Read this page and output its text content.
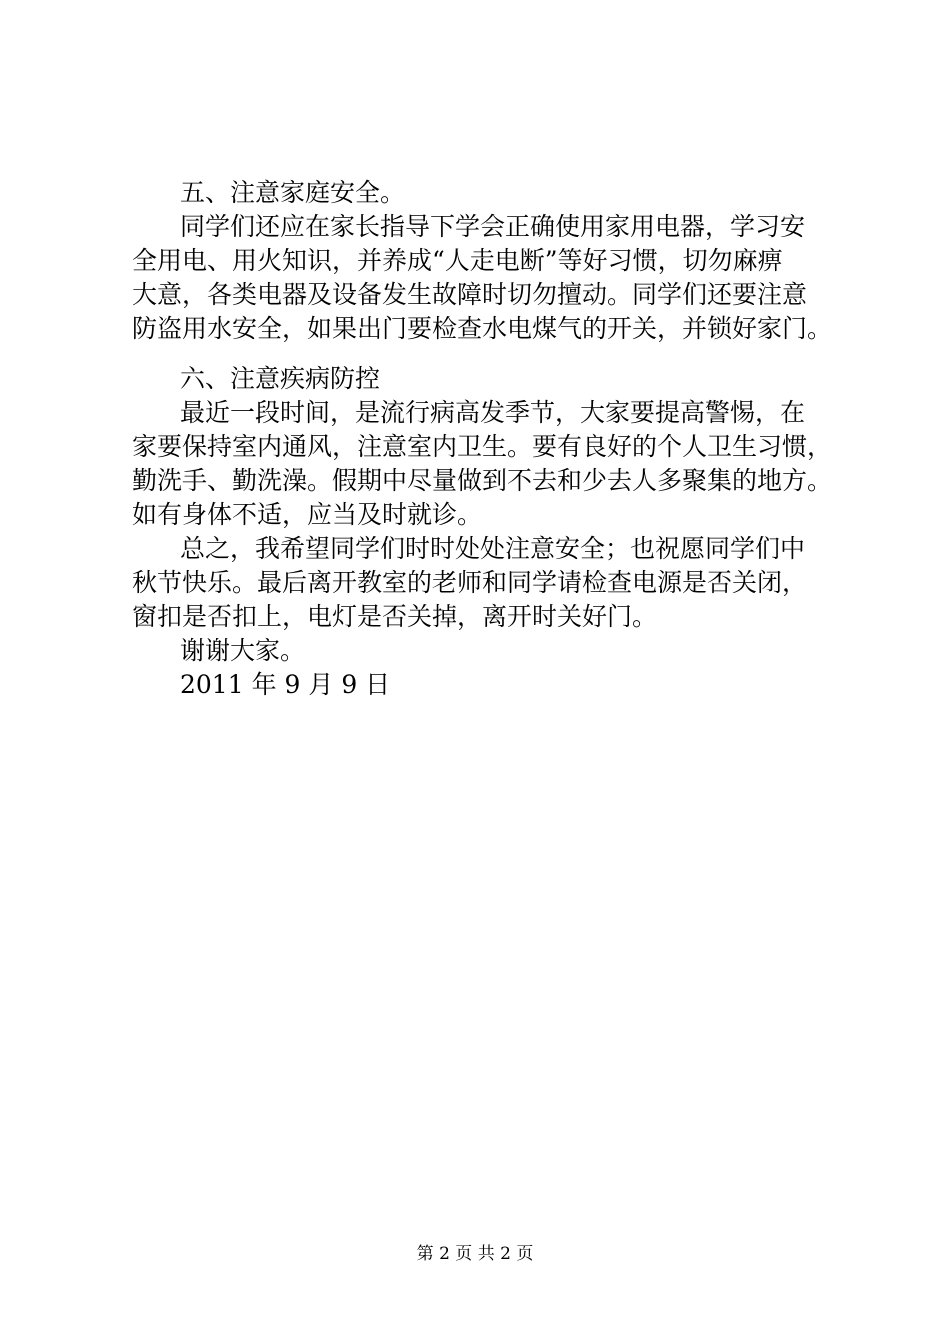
五、注意家庭安全。

同学们还应在家长指导下学会正确使用家用电器，学习安

全用电、用火知识，并养成“人走电断”等好习惯，切勿麻痹

大意，各类电器及设备发生故障时切勿擅动。同学们还要注意

防盗用水安全，如果出门要检查水电煤气的开关，并锁好家门。

六、注意疾病防控

最近一段时间，是流行病高发季节，大家要提高警惕，在

家要保持室内通风，注意室内卫生。要有良好的个人卫生习惯，

勤洗手、勤洗澡。假期中尽量做到不去和少去人多聚集的地方。

如有身体不适，应当及时就诊。

总之，我希望同学们时时处处注意安全；也祝愿同学们中

秋节快乐。最后离开教室的老师和同学请检查电源是否关闭，

窗扣是否扣上，电灯是否关掉，离开时关好门。

谢谢大家。

2011 年 9 月 9 日

第 2 页 共 2 页
